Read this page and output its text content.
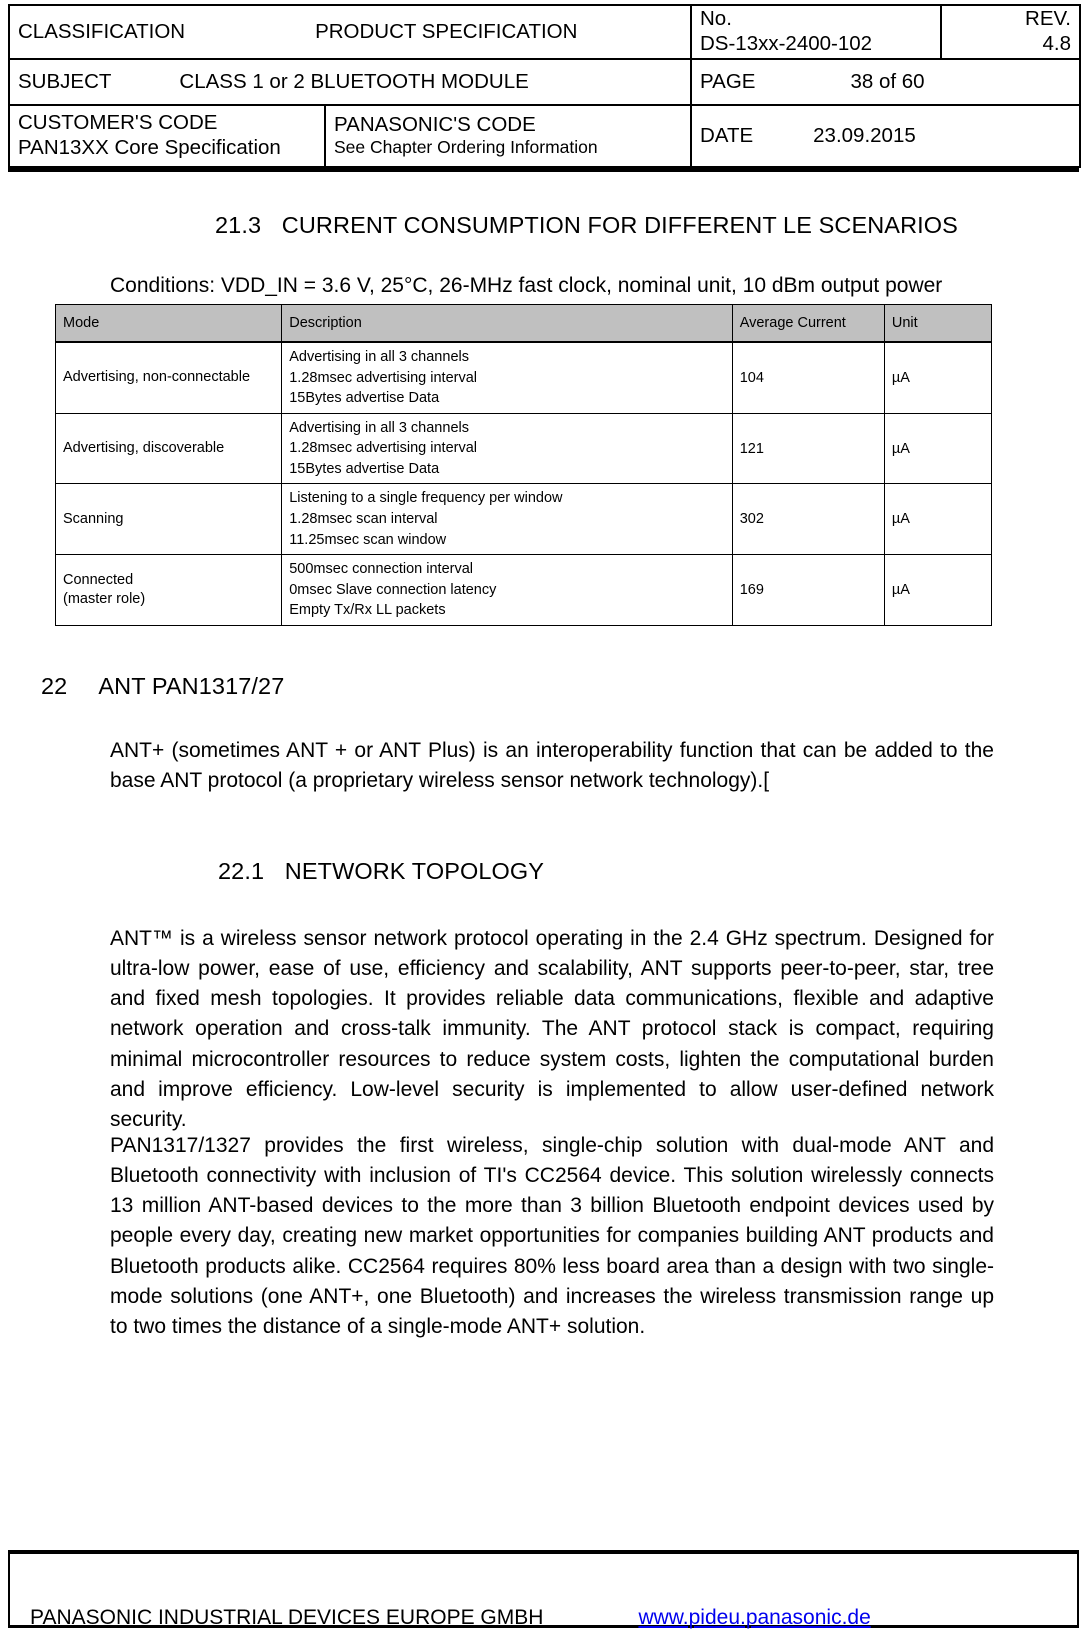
CLASSIFICATION	PRODUCT SPECIFICATION

No.
DS-13xx-2400-102

REV.
4.8

SUBJECT CLASS 1 or 2 BLUETOOTH MODULE		PAGE 38 of 60	

CUSTOMER'S CODE
PAN13XX Core Specification

PANASONIC'S CODE
See Chapter Ordering Information

DATE	23.09.2015
21.3 CURRENT CONSUMPTION FOR DIFFERENT LE SCENARIOS
Conditions: VDD_IN = 3.6 V, 25°C, 26-MHz fast clock, nominal unit, 10 dBm output power
Mode	Description	Average Current	Unit

Advertising, non-connectable	Advertising in all 3 channels
1.28msec advertising interval
15Bytes advertise Data	104	µA

Advertising, discoverable	Advertising in all 3 channels
1.28msec advertising interval
15Bytes advertise Data	121	µA

Scanning	Listening to a single frequency per window
1.28msec scan interval
11.25msec scan window	302	µA

Connected
(master role)	500msec connection interval
0msec Slave connection latency
Empty Tx/Rx LL packets	169	µA
22 ANT PAN1317/27
ANT+ (sometimes ANT + or ANT Plus) is an interoperability function that can be added to the base ANT protocol (a proprietary wireless sensor network technology).[
22.1 NETWORK TOPOLOGY
ANT™ is a wireless sensor network protocol operating in the 2.4 GHz spectrum. Designed for ultra-low power, ease of use, efficiency and scalability, ANT supports peer-to-peer, star, tree and fixed mesh topologies. It provides reliable data communications, flexible and adaptive network operation and cross-talk immunity. The ANT protocol stack is compact, requiring minimal microcontroller resources to reduce system costs, lighten the computational burden and improve efficiency. Low-level security is implemented to allow user-defined network security.
PAN1317/1327 provides the first wireless, single-chip solution with dual-mode ANT and Bluetooth connectivity with inclusion of TI's CC2564 device. This solution wirelessly connects 13 million ANT-based devices to the more than 3 billion Bluetooth endpoint devices used by people every day, creating new market opportunities for companies building ANT products and Bluetooth products alike. CC2564 requires 80% less board area than a design with two single-mode solutions (one ANT+, one Bluetooth) and increases the wireless transmission range up to two times the distance of a single-mode ANT+ solution.
PANASONIC INDUSTRIAL DEVICES EUROPE GMBH	www.pideu.panasonic.de
